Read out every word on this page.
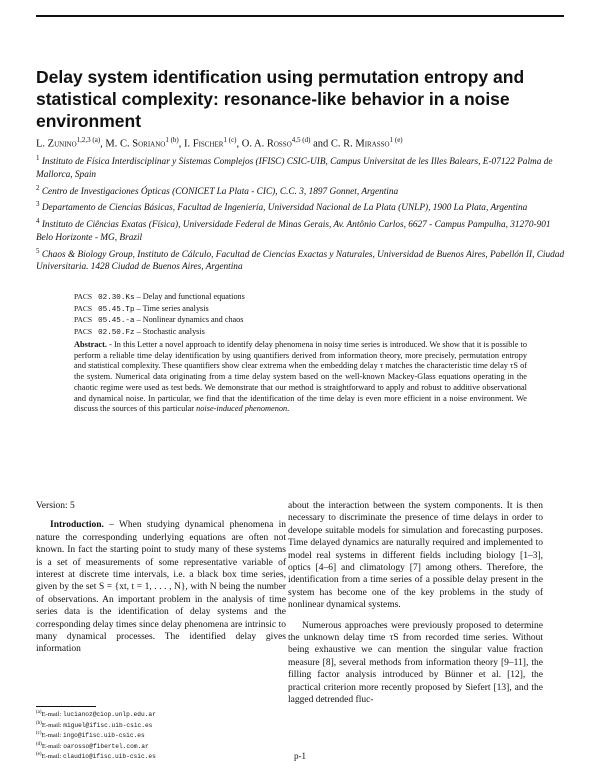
Delay system identification using permutation entropy and statistical complexity: resonance-like behavior in a noise environment
L. Zunino$^{1,2,3 (a)}$, M. C. Soriano$^{1 (b)}$, I. Fischer$^{1 (c)}$, O. A. Rosso$^{4,5 (d)}$ and C. R. Mirasso$^{1 (e)}$

$^1$ Instituto de Física Interdisciplinar y Sistemas Complejos (IFISC) CSIC-UIB, Campus Universitat de les Illes Balears, E-07122 Palma de Mallorca, Spain

$^2$ Centro de Investigaciones Ópticas (CONICET La Plata - CIC), C.C. 3, 1897 Gonnet, Argentina

$^3$ Departamento de Ciencias Básicas, Facultad de Ingeniería, Universidad Nacional de La Plata (UNLP), 1900 La Plata, Argentina

$^4$ Instituto de Ciências Exatas (Física), Universidade Federal de Minas Gerais, Av. Antônio Carlos, 6627 - Campus Pampulha, 31270-901 Belo Horizonte - MG, Brazil

$^5$ Chaos & Biology Group, Instituto de Cálculo, Facultad de Ciencias Exactas y Naturales, Universidad de Buenos Aires, Pabellón II, Ciudad Universitaria. 1428 Ciudad de Buenos Aires, Argentina

PACS 02.30.Ks – Delay and functional equations
PACS 05.45.Tp – Time series analysis
PACS 05.45.-a – Nonlinear dynamics and chaos
PACS 02.50.Fz – Stochastic analysis

Abstract. - In this Letter a novel approach to identify delay phenomena in noisy time series is introduced. We show that it is possible to perform a reliable time delay identification by using quantifiers derived from information theory, more precisely, permutation entropy and statistical complexity. These quantifiers show clear extrema when the embedding delay τ matches the characteristic time delay τS of the system. Numerical data originating from a time delay system based on the well-known Mackey-Glass equations operating in the chaotic regime were used as test beds. We demonstrate that our method is straightforward to apply and robust to additive observational and dynamical noise. In particular, we find that the identification of the time delay is even more efficient in a noise environment. We discuss the sources of this particular noise-induced phenomenon.

Version: 5

Introduction. – When studying dynamical phenomena in nature the corresponding underlying equations are often not known. In fact the starting point to study many of these systems is a set of measurements of some representative variable of interest at discrete time intervals, i.e. a black box time series, given by the set S = {xt, t = 1, . . . , N}, with N being the number of observations. An important problem in the analysis of time series data is the identification of delay systems and the corresponding delay times since delay phenomena are intrinsic to many dynamical processes. The identified delay gives information

about the interaction between the system components. It is then necessary to discriminate the presence of time delays in order to develope suitable models for simulation and forecasting purposes. Time delayed dynamics are naturally required and implemented to model real systems in different fields including biology [1–3], optics [4–6] and climatology [7] among others. Therefore, the identification from a time series of a possible delay present in the system has become one of the key problems in the study of nonlinear dynamical systems.

Numerous approaches were previously proposed to determine the unknown delay time τS from recorded time series. Without being exhaustive we can mention the singular value fraction measure [8], several methods from information theory [9–11], the filling factor analysis introduced by Bünner et al. [12], the practical criterion more recently proposed by Siefert [13], and the lagged detrended fluc-

$^{(a)}$E-mail: lucianoz@ciop.unlp.edu.ar
$^{(b)}$E-mail: miguel@ifisc.uib-csic.es
$^{(c)}$E-mail: ingo@ifisc.uib-csic.es
$^{(d)}$E-mail: oarosso@fibertel.com.ar
$^{(e)}$E-mail: claudio@ifisc.uib-csic.es	p-1
